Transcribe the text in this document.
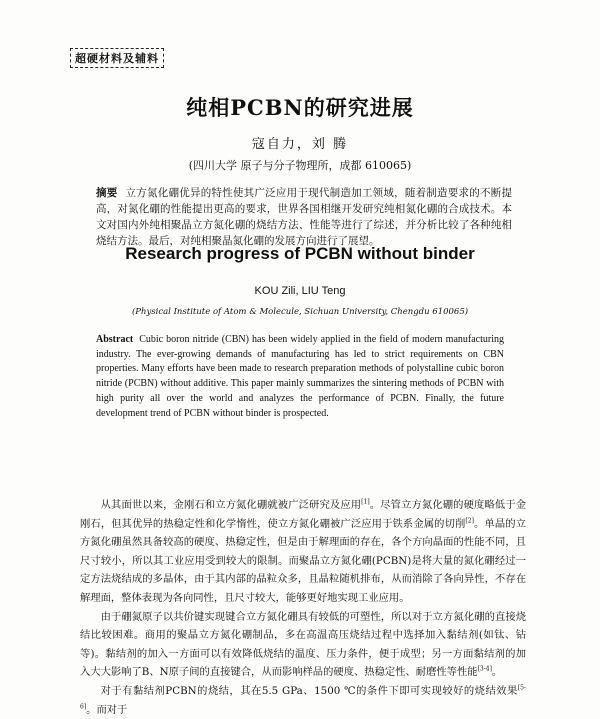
超硬材料及辅料
纯相PCBN的研究进展
寇自力，刘 腾
(四川大学 原子与分子物理所，成都 610065)
摘要 立方氮化硼优异的特性使其广泛应用于现代制造加工领域，随着制造要求的不断提高，对氮化硼的性能提出更高的要求，世界各国相继开发研究纯相氮化硼的合成技术。本文对国内外纯相聚晶立方氮化硼的烧结方法、性能等进行了综述，并分析比较了各种纯相烧结方法。最后，对纯相聚晶氮化硼的发展方向进行了展望。
Research progress of PCBN without binder
KOU Zili, LIU Teng
(Physical Institute of Atom & Molecule, Sichuan University, Chengdu 610065)
Abstract Cubic boron nitride (CBN) has been widely applied in the field of modern manufacturing industry. The ever-growing demands of manufacturing has led to strict requirements on CBN properties. Many efforts have been made to research preparation methods of polystalline cubic boron nitride (PCBN) without additive. This paper mainly summarizes the sintering methods of PCBN with high purity all over the world and analyzes the performance of PCBN. Finally, the future development trend of PCBN without binder is prospected.

从其面世以来，金刚石和立方氮化硼就被广泛研究及应用[1]。尽管立方氮化硼的硬度略低于金刚石，但其优异的热稳定性和化学惰性，使立方氮化硼被广泛应用于铁系金属的切削[2]。单晶的立方氮化硼虽然具备较高的硬度、热稳定性，但是由于解理面的存在，各个方向晶面的性能不同，且尺寸较小，所以其工业应用受到较大的限制。而聚晶立方氮化硼(PCBN)是将大量的氮化硼经过一定方法烧结成的多晶体，由于其内部的晶粒众多，且晶粒随机排布，从而消除了各向异性，不存在解理面，整体表现为各向同性，且尺寸较大，能够更好地实现工业应用。

由于硼氮原子以共价键实现键合立方氮化硼具有较低的可塑性，所以对于立方氮化硼的直接烧结比较困难。商用的聚晶立方氮化硼制品，多在高温高压烧结过程中选择加入黏结剂(如钛、钴等)。黏结剂的加入一方面可以有效降低烧结的温度、压力条件，便于成型；另一方面黏结剂的加入大大影响了B、N原子间的直接键合，从而影响样品的硬度、热稳定性、耐磨性等性能[3-4]。

对于有黏结剂PCBN的烧结，其在5.5 GPa、1500 ℃的条件下即可实现较好的烧结效果[5-6]。而对于
